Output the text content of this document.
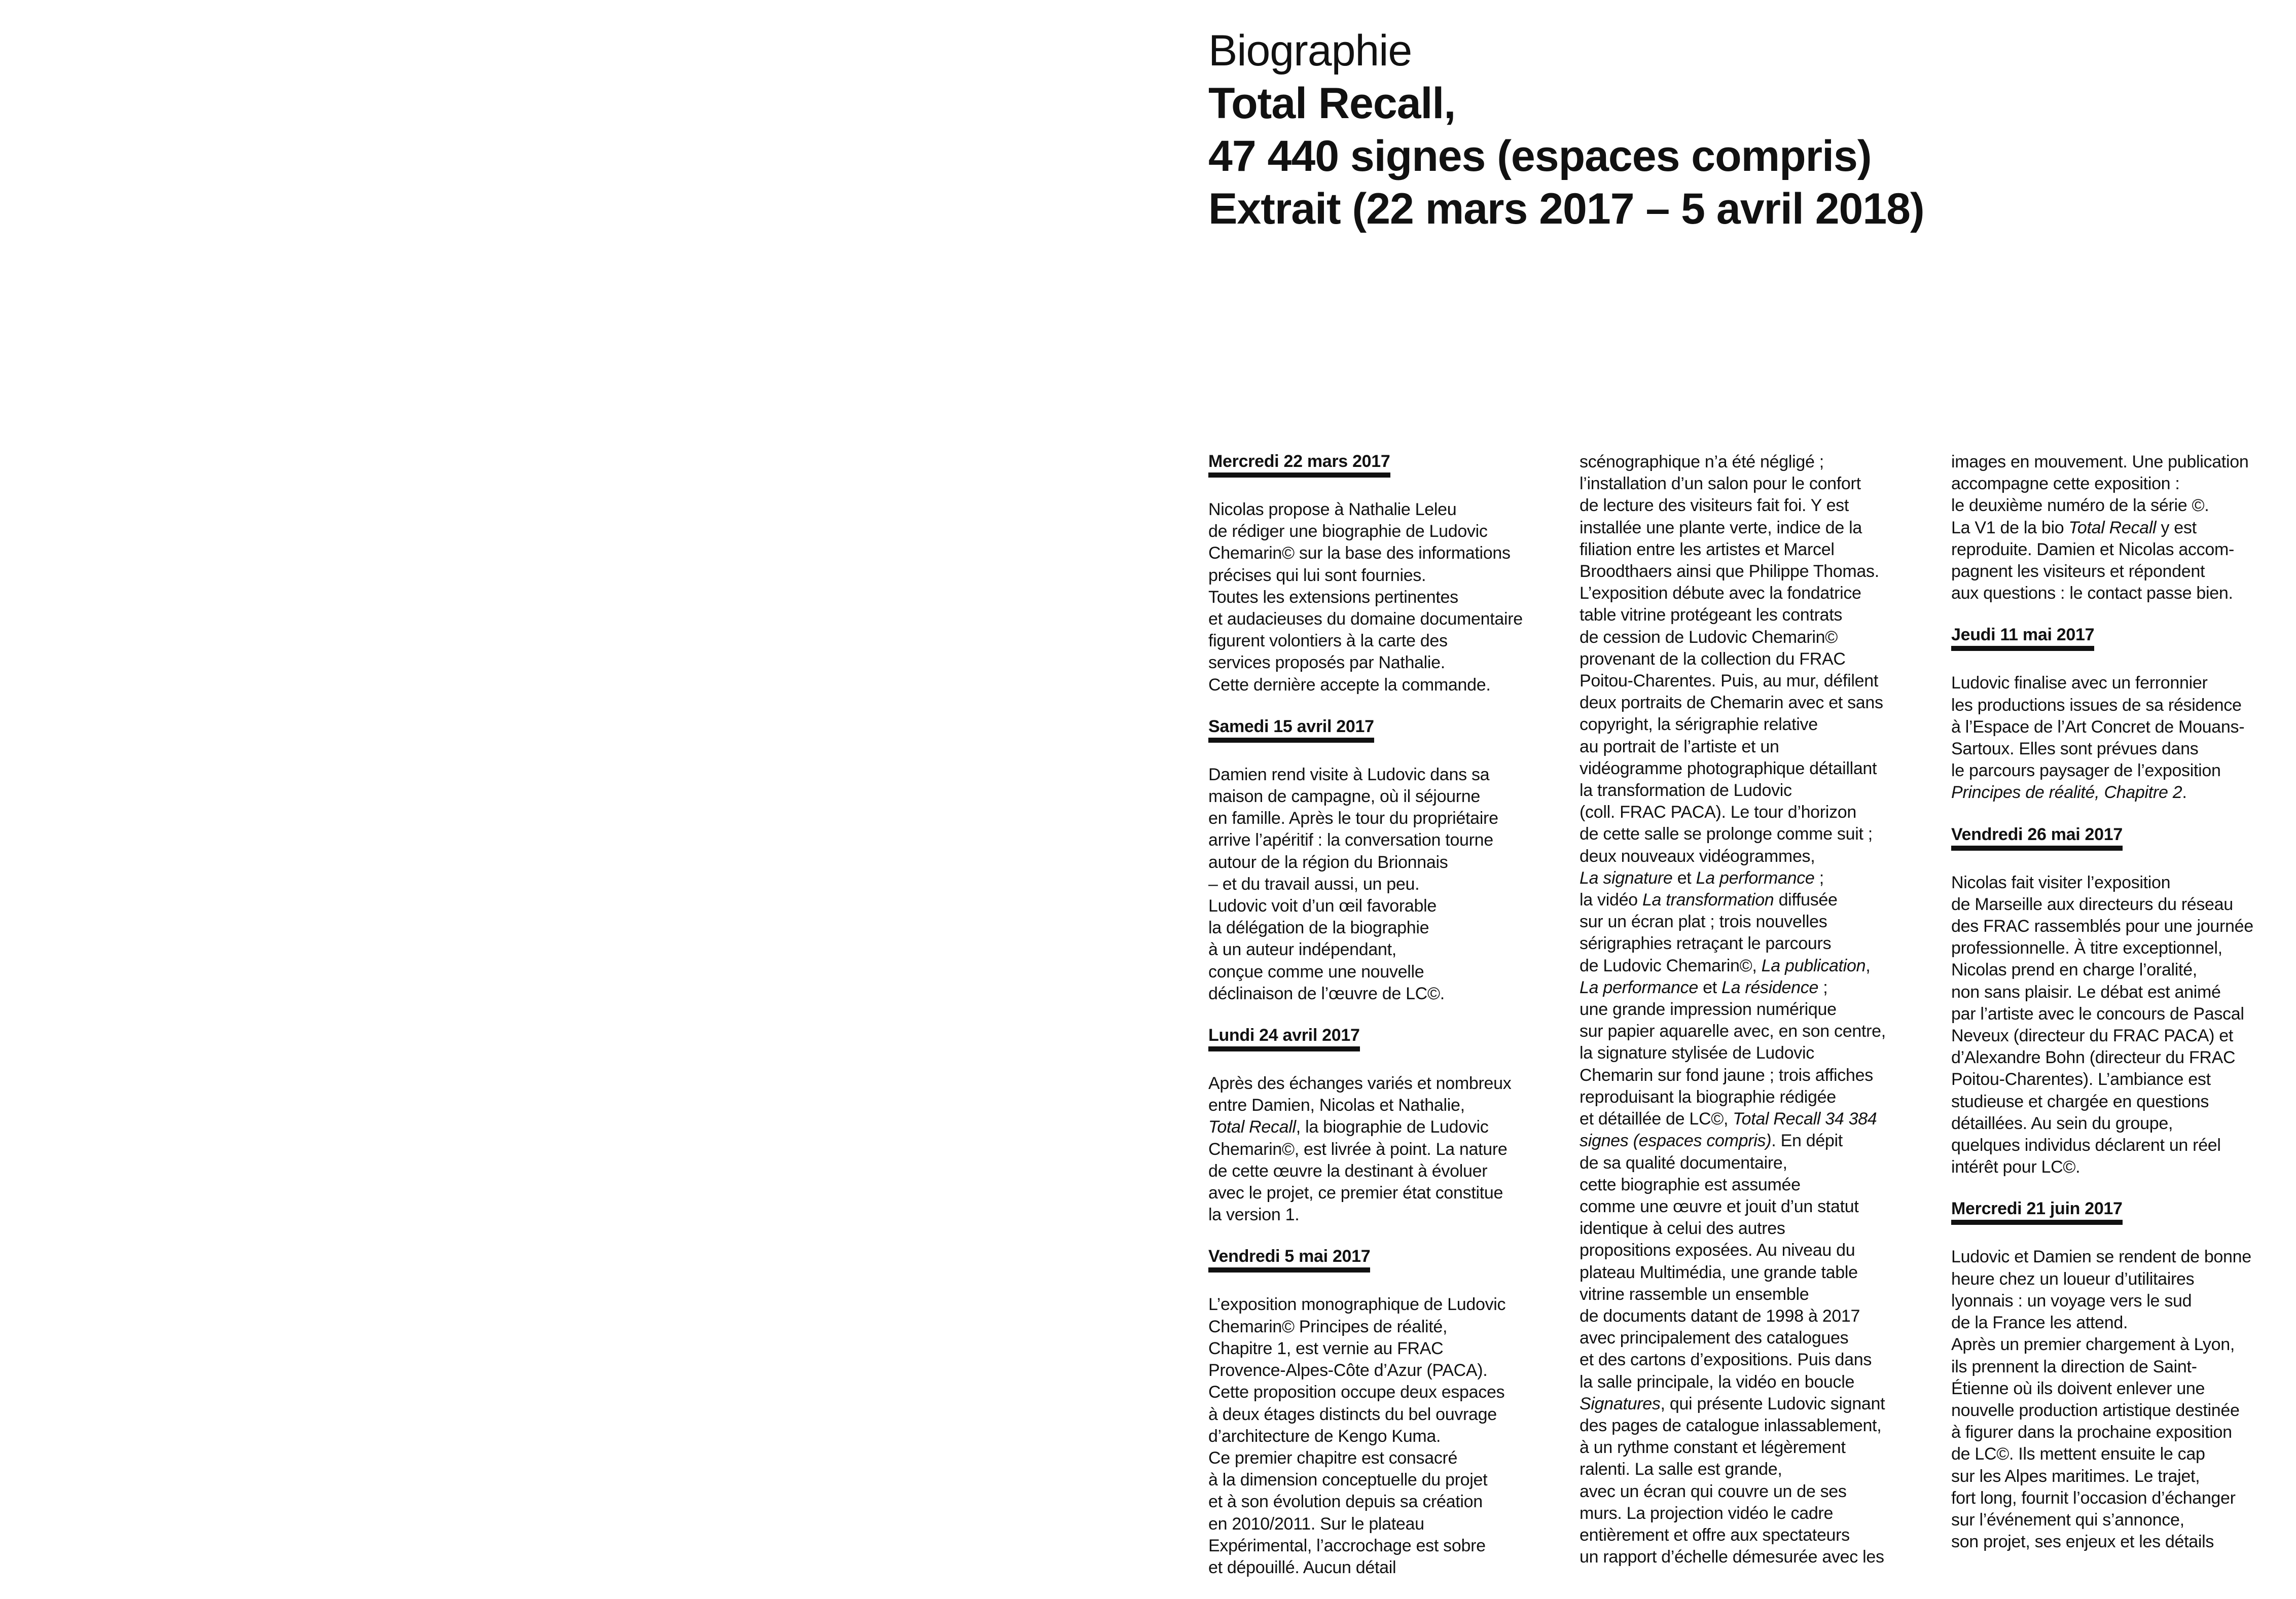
Biographie
Total Recall,
47 440 signes (espaces compris)
Extrait (22 mars 2017 – 5 avril 2018)
Mercredi 22 mars 2017
Nicolas propose à Nathalie Leleu
de rédiger une biographie de Ludovic
Chemarin© sur la base des informations
précises qui lui sont fournies.
Toutes les extensions pertinentes
et audacieuses du domaine documentaire
figurent volontiers à la carte des
services proposés par Nathalie.
Cette dernière accepte la commande.
Samedi 15 avril 2017
Damien rend visite à Ludovic dans sa
maison de campagne, où il séjourne
en famille. Après le tour du propriétaire
arrive l’apéritif : la conversation tourne
autour de la région du Brionnais
– et du travail aussi, un peu.
Ludovic voit d’un œil favorable
la délégation de la biographie
à un auteur indépendant,
conçue comme une nouvelle
déclinaison de l’œuvre de LC©.
Lundi 24 avril 2017
Après des échanges variés et nombreux
entre Damien, Nicolas et Nathalie,
Total Recall, la biographie de Ludovic
Chemarin©, est livrée à point. La nature
de cette œuvre la destinant à évoluer
avec le projet, ce premier état constitue
la version 1.
Vendredi 5 mai 2017
L’exposition monographique de Ludovic
Chemarin© Principes de réalité,
Chapitre 1, est vernie au FRAC
Provence-Alpes-Côte d’Azur (PACA).
Cette proposition occupe deux espaces
à deux étages distincts du bel ouvrage
d’architecture de Kengo Kuma.
Ce premier chapitre est consacré
à la dimension conceptuelle du projet
et à son évolution depuis sa création
en 2010/2011. Sur le plateau
Expérimental, l’accrochage est sobre
et dépouillé. Aucun détail
scénographique n’a été négligé ;
l’installation d’un salon pour le confort
de lecture des visiteurs fait foi. Y est
installée une plante verte, indice de la
filiation entre les artistes et Marcel
Broodthaers ainsi que Philippe Thomas.
L’exposition débute avec la fondatrice
table vitrine protégeant les contrats
de cession de Ludovic Chemarin©
provenant de la collection du FRAC
Poitou-Charentes. Puis, au mur, défilent
deux portraits de Chemarin avec et sans
copyright, la sérigraphie relative
au portrait de l’artiste et un
vidéogramme photographique détaillant
la transformation de Ludovic
(coll. FRAC PACA). Le tour d’horizon
de cette salle se prolonge comme suit ;
deux nouveaux vidéogrammes,
La signature et La performance ;
la vidéo La transformation diffusée
sur un écran plat ; trois nouvelles
sérigraphies retraçant le parcours
de Ludovic Chemarin©, La publication,
La performance et La résidence ;
une grande impression numérique
sur papier aquarelle avec, en son centre,
la signature stylisée de Ludovic
Chemarin sur fond jaune ; trois affiches
reproduisant la biographie rédigée
et détaillée de LC©, Total Recall 34 384
signes (espaces compris). En dépit
de sa qualité documentaire,
cette biographie est assumée
comme une œuvre et jouit d’un statut
identique à celui des autres
propositions exposées. Au niveau du
plateau Multimédia, une grande table
vitrine rassemble un ensemble
de documents datant de 1998 à 2017
avec principalement des catalogues
et des cartons d’expositions. Puis dans
la salle principale, la vidéo en boucle
Signatures, qui présente Ludovic signant
des pages de catalogue inlassablement,
à un rythme constant et légèrement
ralenti. La salle est grande,
avec un écran qui couvre un de ses
murs. La projection vidéo le cadre
entièrement et offre aux spectateurs
un rapport d’échelle démesurée avec les
images en mouvement. Une publication
accompagne cette exposition :
le deuxième numéro de la série ©.
La V1 de la bio Total Recall y est
reproduite. Damien et Nicolas accom-
pagnent les visiteurs et répondent
aux questions : le contact passe bien.
Jeudi 11 mai 2017
Ludovic finalise avec un ferronnier
les productions issues de sa résidence
à l’Espace de l’Art Concret de Mouans-
Sartoux. Elles sont prévues dans
le parcours paysager de l’exposition
Principes de réalité, Chapitre 2.
Vendredi 26 mai 2017
Nicolas fait visiter l’exposition
de Marseille aux directeurs du réseau
des FRAC rassemblés pour une journée
professionnelle. À titre exceptionnel,
Nicolas prend en charge l’oralité,
non sans plaisir. Le débat est animé
par l’artiste avec le concours de Pascal
Neveux (directeur du FRAC PACA) et
d’Alexandre Bohn (directeur du FRAC
Poitou-Charentes). L’ambiance est
studieuse et chargée en questions
détaillées. Au sein du groupe,
quelques individus déclarent un réel
intérêt pour LC©.
Mercredi 21 juin 2017
Ludovic et Damien se rendent de bonne
heure chez un loueur d’utilitaires
lyonnais : un voyage vers le sud
de la France les attend.
Après un premier chargement à Lyon,
ils prennent la direction de Saint-
Étienne où ils doivent enlever une
nouvelle production artistique destinée
à figurer dans la prochaine exposition
de LC©. Ils mettent ensuite le cap
sur les Alpes maritimes. Le trajet,
fort long, fournit l’occasion d’échanger
sur l’événement qui s’annonce,
son projet, ses enjeux et les détails
